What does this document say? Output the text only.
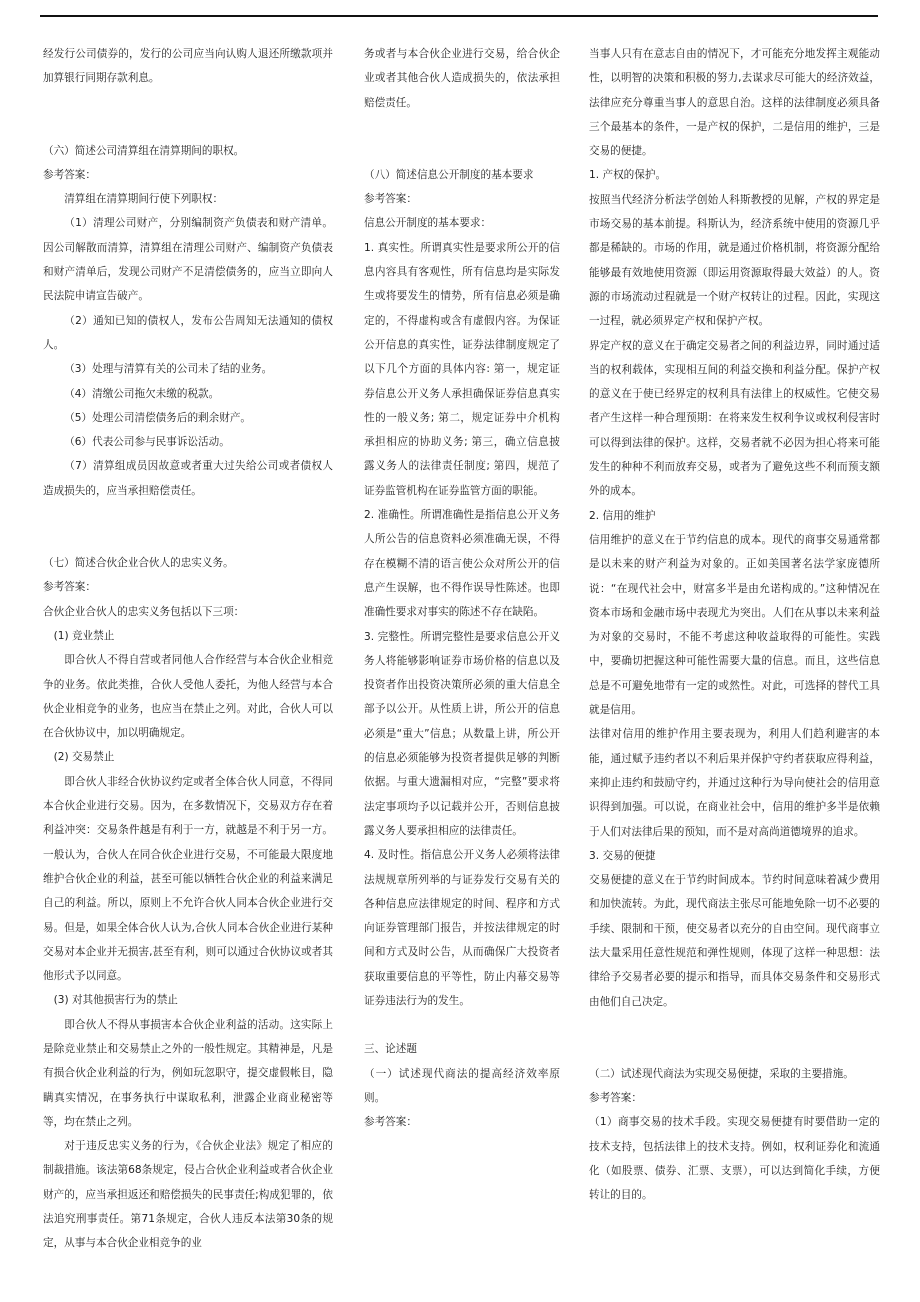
经发行公司债券的，发行的公司应当向认购人退还所缴款项并加算银行同期存款利息。

（六）简述公司清算组在清算期间的职权。

参考答案：

清算组在清算期间行使下列职权：

（1）清理公司财产，分别编制资产负债表和财产清单。因公司解散而清算，清算组在清理公司财产、编制资产负债表和财产清单后，发现公司财产不足清偿债务的，应当立即向人民法院申请宣告破产。

（2）通知已知的债权人，发布公告周知无法通知的债权人。

（3）处理与清算有关的公司未了结的业务。

（4）清缴公司拖欠未缴的税款。

（5）处理公司清偿债务后的剩余财产。

（6）代表公司参与民事诉讼活动。

（7）清算组成员因故意或者重大过失给公司或者债权人造成损失的，应当承担赔偿责任。

（七）简述合伙企业合伙人的忠实义务。

参考答案：

合伙企业合伙人的忠实义务包括以下三项：

(1) 竞业禁止

即合伙人不得自营或者同他人合作经营与本合伙企业相竞争的业务。依此类推，合伙人受他人委托，为他人经营与本合伙企业相竞争的业务，也应当在禁止之列。对此，合伙人可以在合伙协议中，加以明确规定。

(2) 交易禁止

即合伙人非经合伙协议约定或者全体合伙人同意，不得同本合伙企业进行交易。因为，在多数情况下，交易双方存在着利益冲突：交易条件越是有利于一方，就越是不利于另一方。一般认为，合伙人在同合伙企业进行交易，不可能最大限度地维护合伙企业的利益，甚至可能以牺牲合伙企业的利益来满足自己的利益。所以，原则上不允许合伙人同本合伙企业进行交易。但是，如果全体合伙人认为,合伙人同本合伙企业进行某种交易对本企业并无损害,甚至有利，则可以通过合伙协议或者其他形式予以同意。

(3) 对其他损害行为的禁止

即合伙人不得从事损害本合伙企业利益的活动。这实际上是除竞业禁止和交易禁止之外的一般性规定。其精神是，凡是有损合伙企业利益的行为，例如玩忽职守，提交虚假帐目，隐瞒真实情况，在事务执行中谋取私利，泄露企业商业秘密等等，均在禁止之列。

对于违反忠实义务的行为，《合伙企业法》规定了相应的制裁措施。该法第68条规定，侵占合伙企业利益或者合伙企业财产的，应当承担返还和赔偿损失的民事责任;构成犯罪的，依法追究刑事责任。第71条规定，合伙人违反本法第30条的规定，从事与本合伙企业相竞争的业

务或者与本合伙企业进行交易，给合伙企业或者其他合伙人造成损失的，依法承担赔偿责任。

（八）简述信息公开制度的基本要求

参考答案：

信息公开制度的基本要求：

1. 真实性。所谓真实性是要求所公开的信息内容具有客观性，所有信息均是实际发生或将要发生的情势，所有信息必须是确定的，不得虚构或含有虚假内容。为保证公开信息的真实性，证券法律制度规定了以下几个方面的具体内容: 第一，规定证券信息公开义务人承担确保证券信息真实性的一般义务; 第二，规定证券中介机构承担相应的协助义务; 第三，确立信息披露义务人的法律责任制度; 第四，规范了证券监管机构在证券监管方面的职能。

2. 准确性。所谓准确性是指信息公开义务人所公告的信息资料必须准确无误，不得存在模糊不清的语言使公众对所公开的信息产生误解，也不得作误导性陈述。也即准确性要求对事实的陈述不存在缺陷。

3. 完整性。所谓完整性是要求信息公开义务人将能够影响证券市场价格的信息以及投资者作出投资决策所必须的重大信息全部予以公开。从性质上讲，所公开的信息必须是“重大”信息；从数量上讲，所公开的信息必须能够为投资者提供足够的判断依据。与重大遗漏相对应，“完整”要求将法定事项均予以记载并公开，否则信息披露义务人要承担相应的法律责任。

4. 及时性。指信息公开义务人必须将法律法规规章所列举的与证券发行交易有关的各种信息应法律规定的时间、程序和方式向证券管理部门报告，并按法律规定的时间和方式及时公告，从而确保广大投资者获取重要信息的平等性，防止内幕交易等证券违法行为的发生。

三、论述题

（一）试述现代商法的提高经济效率原则。

参考答案：

当事人只有在意志自由的情况下，才可能充分地发挥主观能动性，以明智的决策和积极的努力,去谋求尽可能大的经济效益，法律应充分尊重当事人的意思自治。这样的法律制度必须具备三个最基本的条件，一是产权的保护，二是信用的维护，三是交易的便捷。

1. 产权的保护。

按照当代经济分析法学创始人科斯教授的见解，产权的界定是市场交易的基本前提。科斯认为，经济系统中使用的资源几乎都是稀缺的。市场的作用，就是通过价格机制，将资源分配给能够最有效地使用资源（即运用资源取得最大效益）的人。资源的市场流动过程就是一个财产权转让的过程。因此，实现这一过程，就必须界定产权和保护产权。

界定产权的意义在于确定交易者之间的利益边界，同时通过适当的权利载体，实现相互间的利益交换和利益分配。保护产权的意义在于使已经界定的权利具有法律上的权威性。它使交易者产生这样一种合理预期：在将来发生权利争议或权利侵害时可以得到法律的保护。这样，交易者就不必因为担心将来可能发生的种种不利而放弃交易，或者为了避免这些不利而预支额外的成本。

2. 信用的维护

信用维护的意义在于节约信息的成本。现代的商事交易通常都是以未来的财产利益为对象的。正如美国著名法学家庞德所说：“在现代社会中，财富多半是由允诺构成的。”这种情况在资本市场和金融市场中表现尤为突出。人们在从事以未来利益为对象的交易时，不能不考虑这种收益取得的可能性。实践中，要确切把握这种可能性需要大量的信息。而且，这些信息总是不可避免地带有一定的或然性。对此，可选择的替代工具就是信用。

法律对信用的维护作用主要表现为，利用人们趋利避害的本能，通过赋予违约者以不利后果并保护守约者获取应得利益，来抑止违约和鼓励守约，并通过这种行为导向使社会的信用意识得到加强。可以说，在商业社会中，信用的维护多半是依赖于人们对法律后果的预知，而不是对高尚道德境界的追求。

3. 交易的便捷

交易便捷的意义在于节约时间成本。节约时间意味着减少费用和加快流转。为此，现代商法主张尽可能地免除一切不必要的手续、限制和干预，使交易者以充分的自由空间。现代商事立法大量采用任意性规范和弹性规则，体现了这样一种思想：法律给予交易者必要的提示和指导，而具体交易条件和交易形式由他们自己决定。

（二）试述现代商法为实现交易便捷，采取的主要措施。

参考答案：

（1）商事交易的技术手段。实现交易便捷有时要借助一定的技术支持，包括法律上的技术支持。例如，权利证券化和流通化（如股票、债券、汇票、支票），可以达到简化手续，方便转让的目的。
